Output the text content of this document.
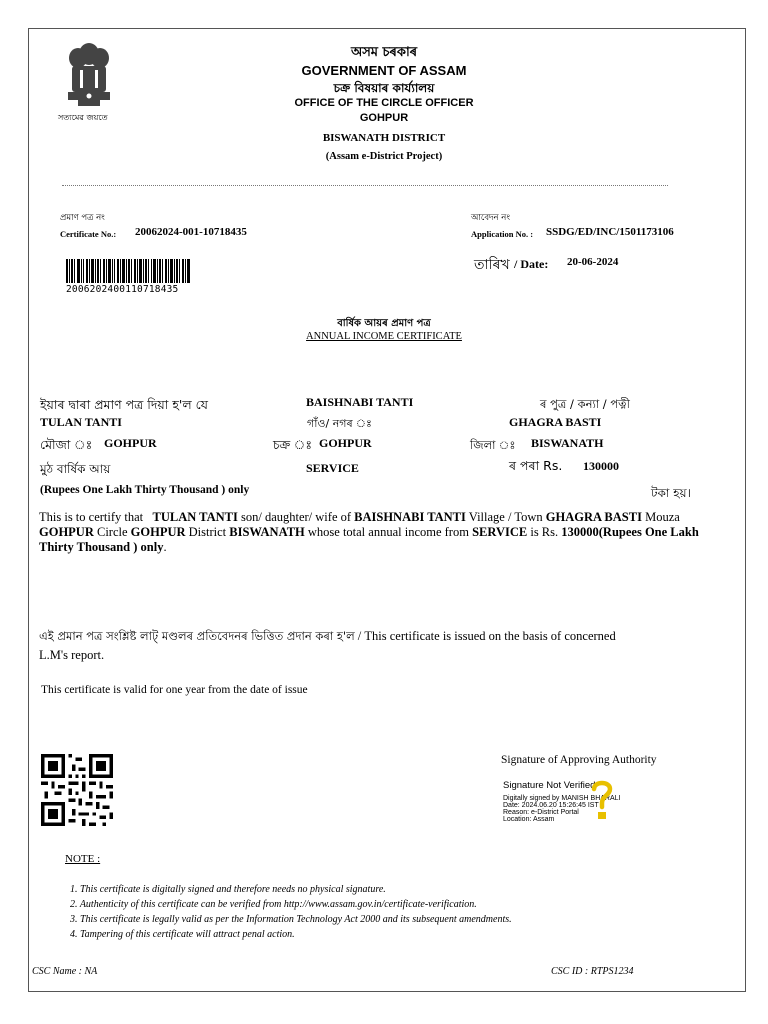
সত্যমেৱ জয়তে
অসম চৰকাৰ
GOVERNMENT OF ASSAM
চক্ৰ বিষয়াৰ কাৰ্য্যালয়
OFFICE OF THE CIRCLE OFFICER
GOHPUR
BISWANATH DISTRICT
(Assam e-District Project)
প্ৰমাণ পত্ৰ নং
Certificate No.: 20062024-001-10718435
আবেদন নং
Application No. : SSDG/ED/INC/1501173106
তাৰিখ / Date: 20-06-2024
20062024001107184З5
বাৰ্ষিক আয়ৰ প্ৰমাণ পত্ৰ
ANNUAL INCOME CERTIFICATE
ইয়াৰ দ্বাৰা প্ৰমাণ পত্ৰ দিয়া হ'ল যে	BAISHNABI TANTI	ৰ পুত্ৰ / কন্যা / পত্নী
TULAN TANTI	গাঁও/ নগৰ ঃ	GHAGRA BASTI
মৌজা ঃ GOHPUR	চক্ৰ ঃ GOHPUR	জিলা ঃ BISWANATH
মুঠ বাৰ্ষিক আয়	SERVICE	ৰ পৰা Rs. 130000
(Rupees One Lakh Thirty Thousand ) only	টকা হয়।
This is to certify that TULAN TANTI son/ daughter/ wife of BAISHNABI TANTI Village / Town GHAGRA BASTI Mouza GOHPUR Circle GOHPUR District BISWANATH whose total annual income from SERVICE is Rs. 130000(Rupees One Lakh Thirty Thousand ) only.
এই প্ৰমান পত্ৰ সংশ্লিষ্ট লাট্ মণ্ডলৰ প্ৰতিবেদনৰ ভিত্তিত প্ৰদান কৰা হ'ল / This certificate is issued on the basis of concerned
L.M's report.
This certificate is valid for one year from the date of issue
Signature of Approving Authority
Signature Not Verified
Digitally signed by MANISH BHARALI
Date: 2024.06.20 15:26:45 IST
Reason: e-District Portal
Location: Assam
NOTE :
1. This certificate is digitally signed and therefore needs no physical signature.
2. Authenticity of this certificate can be verified from http://www.assam.gov.in/certificate-verification.
3. This certificate is legally valid as per the Information Technology Act 2000 and its subsequent amendments.
4. Tampering of this certificate will attract penal action.
CSC Name : NA	CSC ID : RTPS1234
